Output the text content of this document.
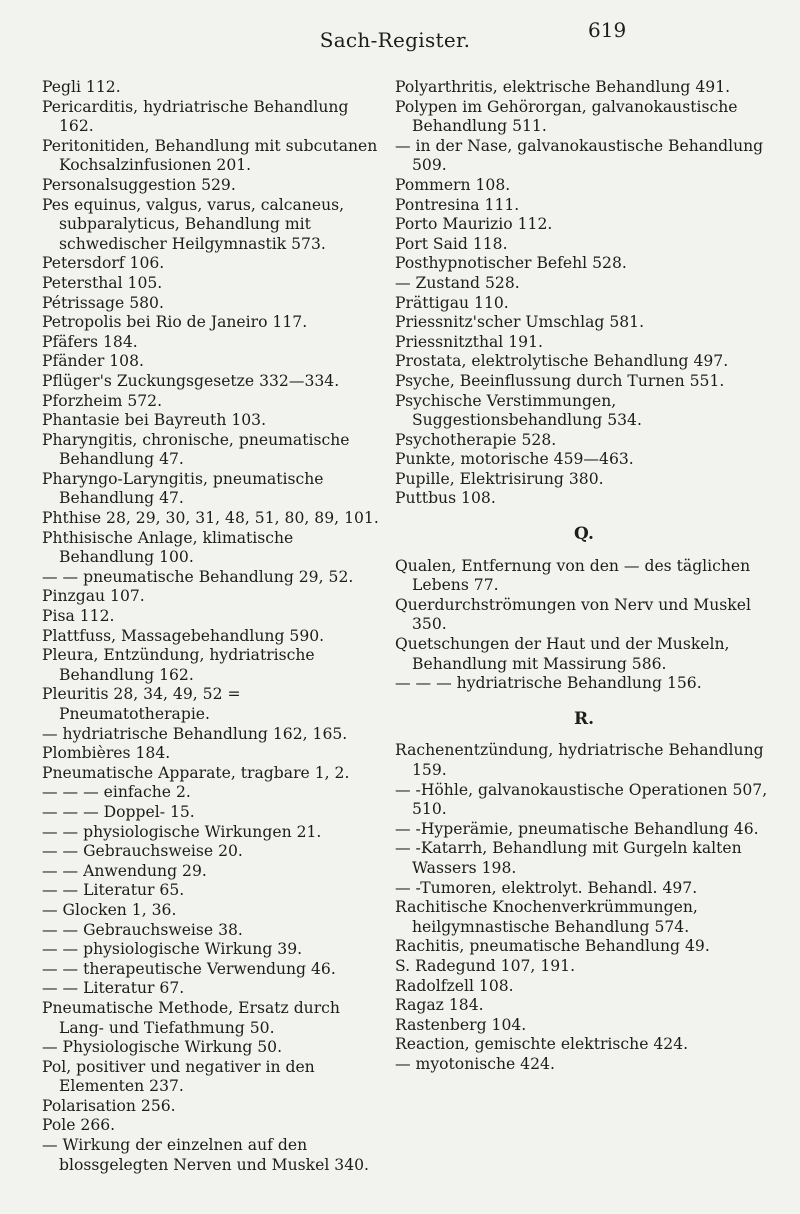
Sach-Register.	619

Pegli 112.

Pericarditis, hydriatrische Behandlung 162.

Peritonitiden, Behandlung mit subcutanen Kochsalzinfusionen 201.

Personalsuggestion 529.

Pes equinus, valgus, varus, calcaneus, subparalyticus, Behandlung mit schwedischer Heilgymnastik 573.

Petersdorf 106.

Petersthal 105.

Pétrissage 580.

Petropolis bei Rio de Janeiro 117.

Pfäfers 184.

Pfänder 108.

Pflüger's Zuckungsgesetze 332—334.

Pforzheim 572.

Phantasie bei Bayreuth 103.

Pharyngitis, chronische, pneumatische Behandlung 47.

Pharyngo-Laryngitis, pneumatische Behandlung 47.

Phthise 28, 29, 30, 31, 48, 51, 80, 89, 101.

Phthisische Anlage, klimatische Behandlung 100.

— — pneumatische Behandlung 29, 52.

Pinzgau 107.

Pisa 112.

Plattfuss, Massagebehandlung 590.

Pleura, Entzündung, hydriatrische Behandlung 162.

Pleuritis 28, 34, 49, 52 = Pneumatotherapie.

— hydriatrische Behandlung 162, 165.

Plombières 184.

Pneumatische Apparate, tragbare 1, 2.

— — — einfache 2.

— — — Doppel- 15.

— — physiologische Wirkungen 21.

— — Gebrauchsweise 20.

— — Anwendung 29.

— — Literatur 65.

— Glocken 1, 36.

— — Gebrauchsweise 38.

— — physiologische Wirkung 39.

— — therapeutische Verwendung 46.

— — Literatur 67.

Pneumatische Methode, Ersatz durch Lang- und Tiefathmung 50.

— Physiologische Wirkung 50.

Pol, positiver und negativer in den Elementen 237.

Polarisation 256.

Pole 266.

— Wirkung der einzelnen auf den blossgelegten Nerven und Muskel 340.

Polyarthritis, elektrische Behandlung 491.

Polypen im Gehörorgan, galvanokaustische Behandlung 511.

— in der Nase, galvanokaustische Behandlung 509.

Pommern 108.

Pontresina 111.

Porto Maurizio 112.

Port Said 118.

Posthypnotischer Befehl 528.

— Zustand 528.

Prättigau 110.

Priessnitz'scher Umschlag 581.

Priessnitzthal 191.

Prostata, elektrolytische Behandlung 497.

Psyche, Beeinflussung durch Turnen 551.

Psychische Verstimmungen, Suggestionsbehandlung 534.

Psychotherapie 528.

Punkte, motorische 459—463.

Pupille, Elektrisirung 380.

Puttbus 108.

Q.

Qualen, Entfernung von den — des täglichen Lebens 77.

Querdurchströmungen von Nerv und Muskel 350.

Quetschungen der Haut und der Muskeln, Behandlung mit Massirung 586.

— — — hydriatrische Behandlung 156.

R.

Rachenentzündung, hydriatrische Behandlung 159.

— -Höhle, galvanokaustische Operationen 507, 510.

— -Hyperämie, pneumatische Behandlung 46.

— -Katarrh, Behandlung mit Gurgeln kalten Wassers 198.

— -Tumoren, elektrolyt. Behandl. 497.

Rachitische Knochenverkrümmungen, heilgymnastische Behandlung 574.

Rachitis, pneumatische Behandlung 49.

S. Radegund 107, 191.

Radolfzell 108.

Ragaz 184.

Rastenberg 104.

Reaction, gemischte elektrische 424.

— myotonische 424.
